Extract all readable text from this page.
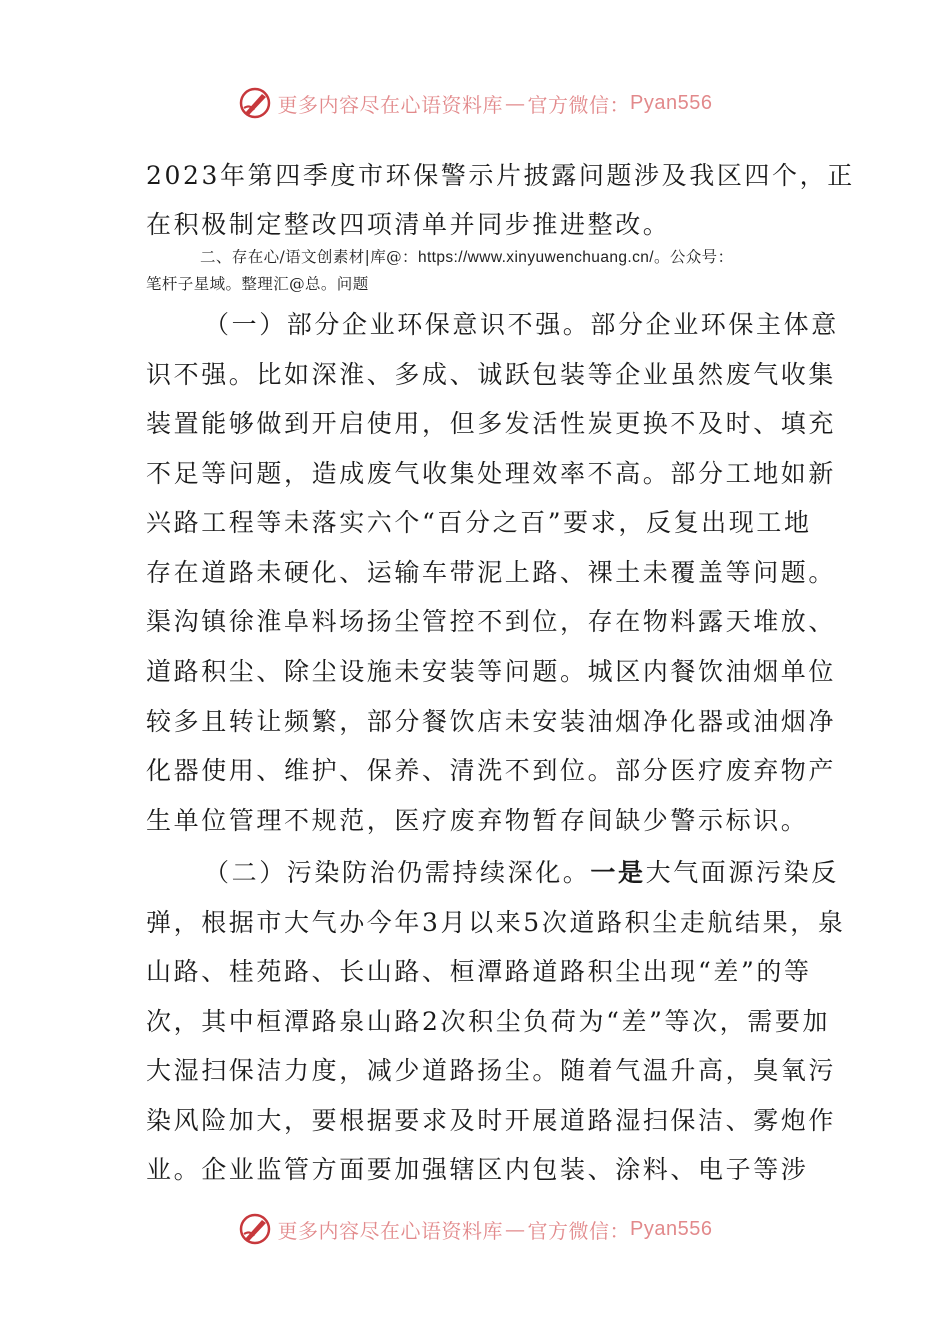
更多内容尽在心语资料库 — 官方微信： Pyan556
2023年第四季度市环保警示片披露问题涉及我区四个，正
在积极制定整改四项清单并同步推进整改。
二、存在心/语文创素材|库@：https://www.xinyuwenchuang.cn/。公众号：
笔杆子星域。整理汇@总。问题
（一）部分企业环保意识不强。部分企业环保主体意
识不强。比如深淮、多成、诚跃包装等企业虽然废气收集
装置能够做到开启使用，但多发活性炭更换不及时、填充
不足等问题，造成废气收集处理效率不高。部分工地如新
兴路工程等未落实六个“百分之百”要求，反复出现工地
存在道路未硬化、运输车带泥上路、裸土未覆盖等问题。
渠沟镇徐淮阜料场扬尘管控不到位，存在物料露天堆放、
道路积尘、除尘设施未安装等问题。城区内餐饮油烟单位
较多且转让频繁，部分餐饮店未安装油烟净化器或油烟净
化器使用、维护、保养、清洗不到位。部分医疗废弃物产
生单位管理不规范，医疗废弃物暂存间缺少警示标识。
（二）污染防治仍需持续深化。一是大气面源污染反
弹，根据市大气办今年3月以来5次道路积尘走航结果，泉
山路、桂苑路、长山路、桓潭路道路积尘出现“差”的等
次，其中桓潭路泉山路2次积尘负荷为“差”等次，需要加
大湿扫保洁力度，减少道路扬尘。随着气温升高，臭氧污
染风险加大，要根据要求及时开展道路湿扫保洁、雾炮作
业。企业监管方面要加强辖区内包装、涂料、电子等涉
更多内容尽在心语资料库 — 官方微信： Pyan556
